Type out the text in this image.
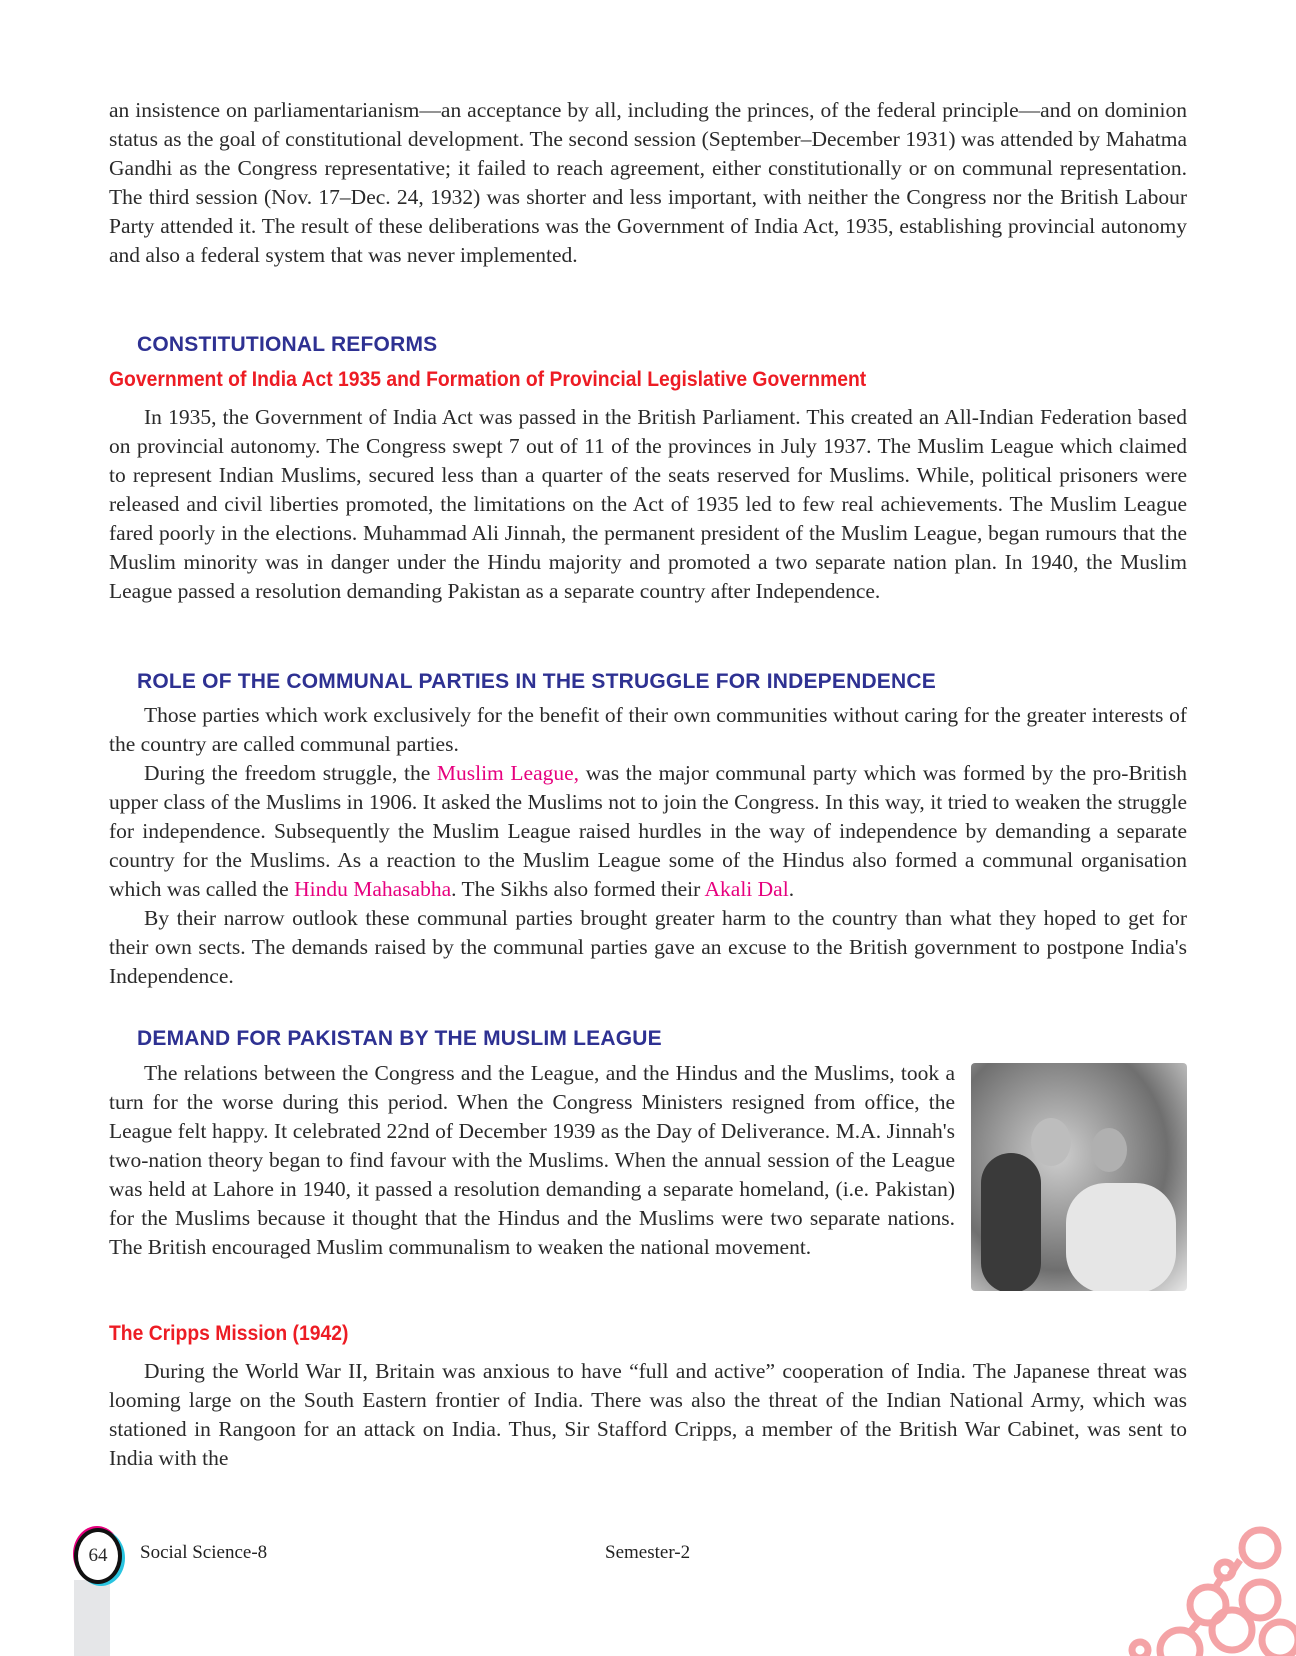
an insistence on parliamentarianism—an acceptance by all, including the princes, of the federal principle—and on dominion status as the goal of constitutional development. The second session (September–December 1931) was attended by Mahatma Gandhi as the Congress representative; it failed to reach agreement, either constitutionally or on communal representation. The third session (Nov. 17–Dec. 24, 1932) was shorter and less important, with neither the Congress nor the British Labour Party attended it. The result of these deliberations was the Government of India Act, 1935, establishing provincial autonomy and also a federal system that was never implemented.

CONSTITUTIONAL REFORMS
Government of India Act 1935 and Formation of Provincial Legislative Government

In 1935, the Government of India Act was passed in the British Parliament. This created an All-Indian Federation based on provincial autonomy. The Congress swept 7 out of 11 of the provinces in July 1937. The Muslim League which claimed to represent Indian Muslims, secured less than a quarter of the seats reserved for Muslims. While, political prisoners were released and civil liberties promoted, the limitations on the Act of 1935 led to few real achievements. The Muslim League fared poorly in the elections. Muhammad Ali Jinnah, the permanent president of the Muslim League, began rumours that the Muslim minority was in danger under the Hindu majority and promoted a two separate nation plan. In 1940, the Muslim League passed a resolution demanding Pakistan as a separate country after Independence.

ROLE OF THE COMMUNAL PARTIES IN THE STRUGGLE FOR INDEPENDENCE

Those parties which work exclusively for the benefit of their own communities without caring for the greater interests of the country are called communal parties.

During the freedom struggle, the Muslim League, was the major communal party which was formed by the pro-British upper class of the Muslims in 1906. It asked the Muslims not to join the Congress. In this way, it tried to weaken the struggle for independence. Subsequently the Muslim League raised hurdles in the way of independence by demanding a separate country for the Muslims. As a reaction to the Muslim League some of the Hindus also formed a communal organisation which was called the Hindu Mahasabha. The Sikhs also formed their Akali Dal.

By their narrow outlook these communal parties brought greater harm to the country than what they hoped to get for their own sects. The demands raised by the communal parties gave an excuse to the British government to postpone India's Independence.

DEMAND FOR PAKISTAN BY THE MUSLIM LEAGUE

The relations between the Congress and the League, and the Hindus and the Muslims, took a turn for the worse during this period. When the Congress Ministers resigned from office, the League felt happy. It celebrated 22nd of December 1939 as the Day of Deliverance. M.A. Jinnah's two-nation theory began to find favour with the Muslims. When the annual session of the League was held at Lahore in 1940, it passed a resolution demanding a separate homeland, (i.e. Pakistan) for the Muslims because it thought that the Hindus and the Muslims were two separate nations. The British encouraged Muslim communalism to weaken the national movement.

The Cripps Mission (1942)

During the World War II, Britain was anxious to have “full and active” cooperation of India. The Japanese threat was looming large on the South Eastern frontier of India. There was also the threat of the Indian National Army, which was stationed in Rangoon for an attack on India. Thus, Sir Stafford Cripps, a member of the British War Cabinet, was sent to India with the

64 Social Science-8	Semester-2
